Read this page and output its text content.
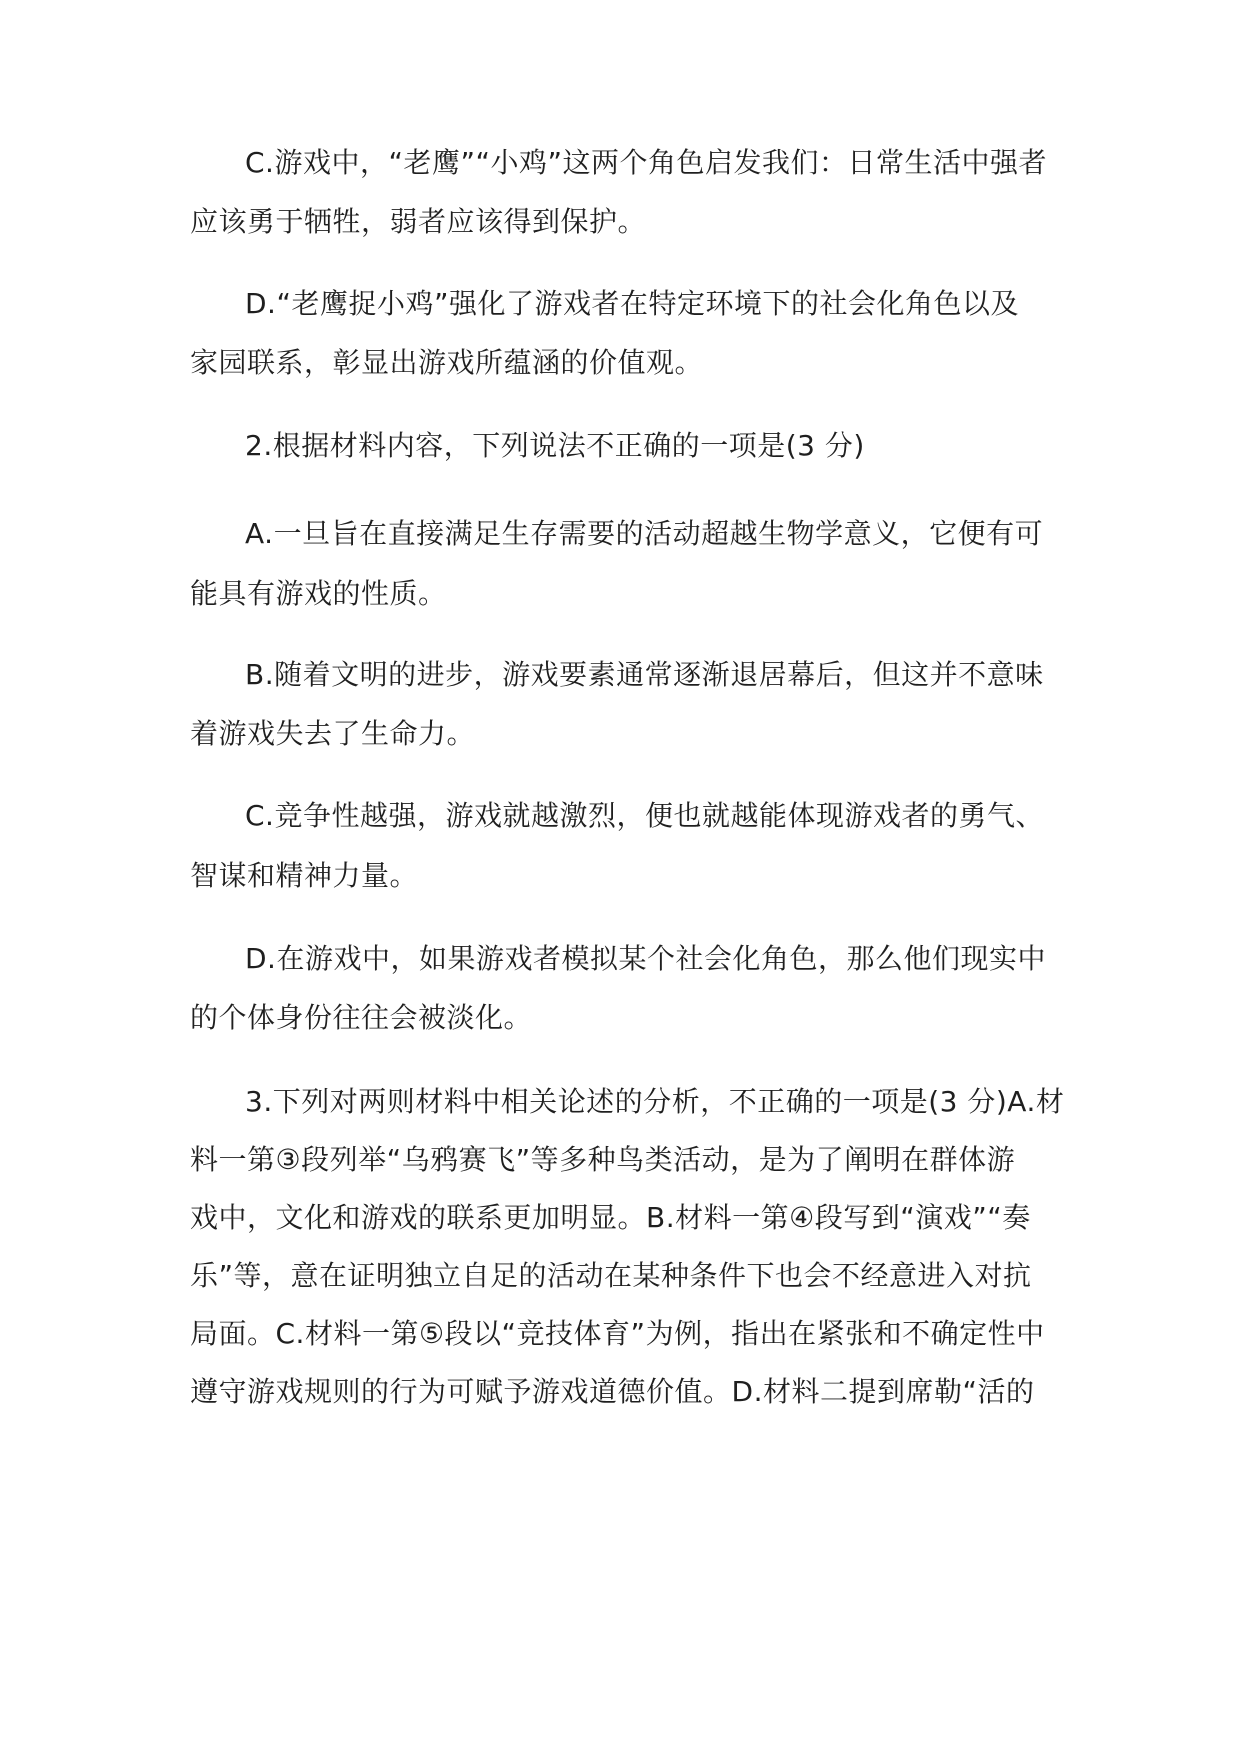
C.游戏中，“老鹰”“小鸡”这两个角色启发我们：日常生活中强者
应该勇于牺牲，弱者应该得到保护。
D.“老鹰捉小鸡”强化了游戏者在特定环境下的社会化角色以及
家园联系，彰显出游戏所蕴涵的价值观。
2.根据材料内容，下列说法不正确的一项是(3 分)
A.一旦旨在直接满足生存需要的活动超越生物学意义，它便有可
能具有游戏的性质。
B.随着文明的进步，游戏要素通常逐渐退居幕后，但这并不意味
着游戏失去了生命力。
C.竞争性越强，游戏就越激烈，便也就越能体现游戏者的勇气、
智谋和精神力量。
D.在游戏中，如果游戏者模拟某个社会化角色，那么他们现实中
的个体身份往往会被淡化。
3.下列对两则材料中相关论述的分析，不正确的一项是(3 分)A.材
料一第③段列举“乌鸦赛飞”等多种鸟类活动，是为了阐明在群体游
戏中，文化和游戏的联系更加明显。B.材料一第④段写到“演戏”“奏
乐”等，意在证明独立自足的活动在某种条件下也会不经意进入对抗
局面。C.材料一第⑤段以“竞技体育”为例，指出在紧张和不确定性中
遵守游戏规则的行为可赋予游戏道德价值。D.材料二提到席勒“活的
